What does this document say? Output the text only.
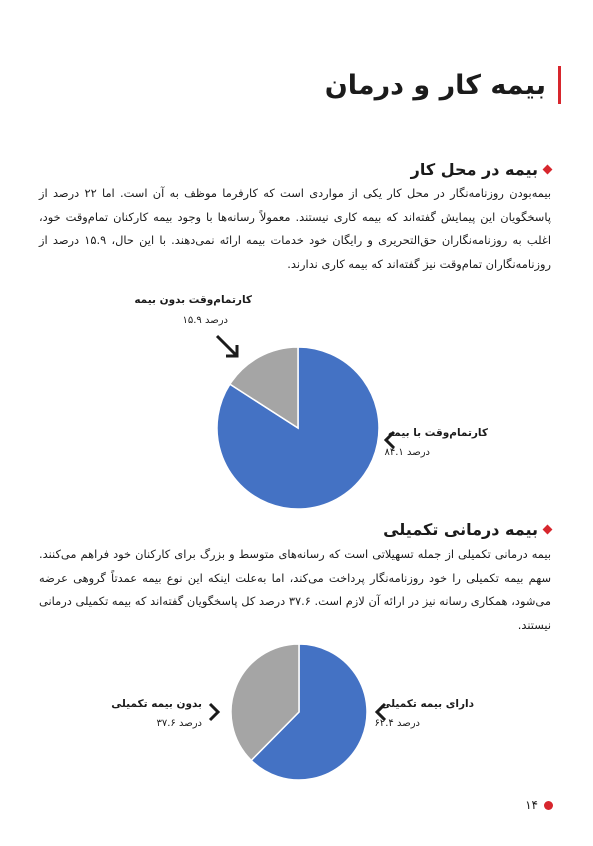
بیمه کار و درمان
بیمه در محل کار
بیمه‌بودن روزنامه‌نگار در محل کار یکی از مواردی است که کارفرما موظف به آن است. اما ۲۲ درصد از پاسخگویان این پیمایش گفته‌اند که بیمه کاری نیستند. معمولاً رسانه‌ها با وجود بیمه کارکنان تمام‌وقت خود، اغلب به روزنامه‌نگاران حق‌التحریری و رایگان خود خدمات بیمه ارائه نمی‌دهند. با این حال، ۱۵.۹ درصد از روزنامه‌نگاران تمام‌وقت نیز گفته‌اند که بیمه کاری ندارند.
کارتمام‌وقت با بیمه
۸۴.۱ درصد
کارتمام‌وقت بدون بیمه
۱۵.۹ درصد
بیمه درمانی تکمیلی
بیمه درمانی تکمیلی از جمله تسهیلاتی است که رسانه‌های متوسط و بزرگ برای کارکنان خود فراهم می‌کنند. سهم بیمه تکمیلی را خود روزنامه‌نگار پرداخت می‌کند، اما به‌علت اینکه این نوع بیمه عمدتاً گروهی عرضه می‌شود، همکاری رسانه نیز در ارائه آن لازم است. ۳۷.۶ درصد کل پاسخگویان گفته‌اند که بیمه تکمیلی درمانی نیستند.
دارای بیمه تکمیلی
۶۲.۴ درصد
بدون بیمه تکمیلی
۳۷.۶ درصد
۱۴
